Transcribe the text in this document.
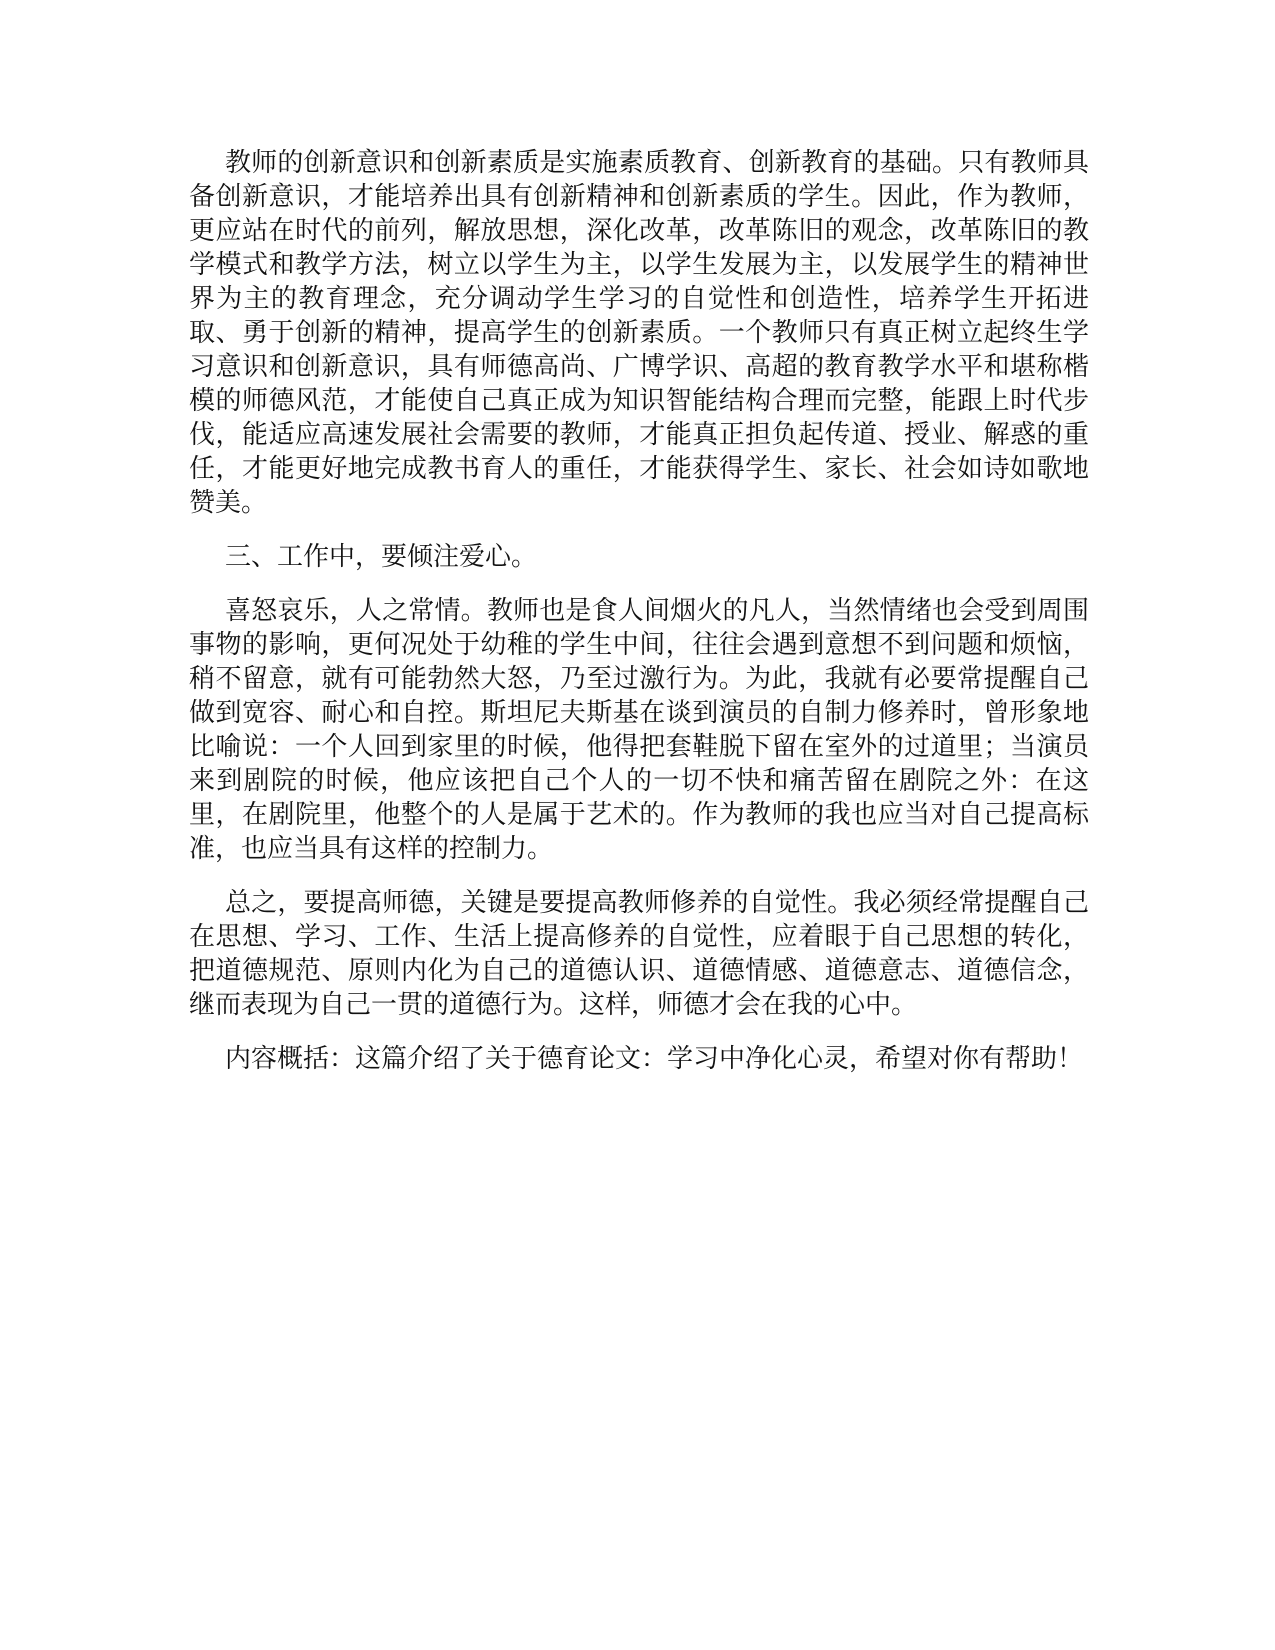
教师的创新意识和创新素质是实施素质教育、创新教育的基础。只有教师具备创新意识，才能培养出具有创新精神和创新素质的学生。因此，作为教师，更应站在时代的前列，解放思想，深化改革，改革陈旧的观念，改革陈旧的教学模式和教学方法，树立以学生为主，以学生发展为主，以发展学生的精神世界为主的教育理念，充分调动学生学习的自觉性和创造性，培养学生开拓进取、勇于创新的精神，提高学生的创新素质。一个教师只有真正树立起终生学习意识和创新意识，具有师德高尚、广博学识、高超的教育教学水平和堪称楷模的师德风范，才能使自己真正成为知识智能结构合理而完整，能跟上时代步伐，能适应高速发展社会需要的教师，才能真正担负起传道、授业、解惑的重任，才能更好地完成教书育人的重任，才能获得学生、家长、社会如诗如歌地赞美。

三、工作中，要倾注爱心。

喜怒哀乐，人之常情。教师也是食人间烟火的凡人，当然情绪也会受到周围事物的影响，更何况处于幼稚的学生中间，往往会遇到意想不到问题和烦恼，稍不留意，就有可能勃然大怒，乃至过激行为。为此，我就有必要常提醒自己做到宽容、耐心和自控。斯坦尼夫斯基在谈到演员的自制力修养时，曾形象地比喻说：一个人回到家里的时候，他得把套鞋脱下留在室外的过道里；当演员来到剧院的时候，他应该把自己个人的一切不快和痛苦留在剧院之外：在这里，在剧院里，他整个的人是属于艺术的。作为教师的我也应当对自己提高标准，也应当具有这样的控制力。

总之，要提高师德，关键是要提高教师修养的自觉性。我必须经常提醒自己在思想、学习、工作、生活上提高修养的自觉性，应着眼于自己思想的转化，把道德规范、原则内化为自己的道德认识、道德情感、道德意志、道德信念，继而表现为自己一贯的道德行为。这样，师德才会在我的心中。

内容概括：这篇介绍了关于德育论文：学习中净化心灵，希望对你有帮助！
